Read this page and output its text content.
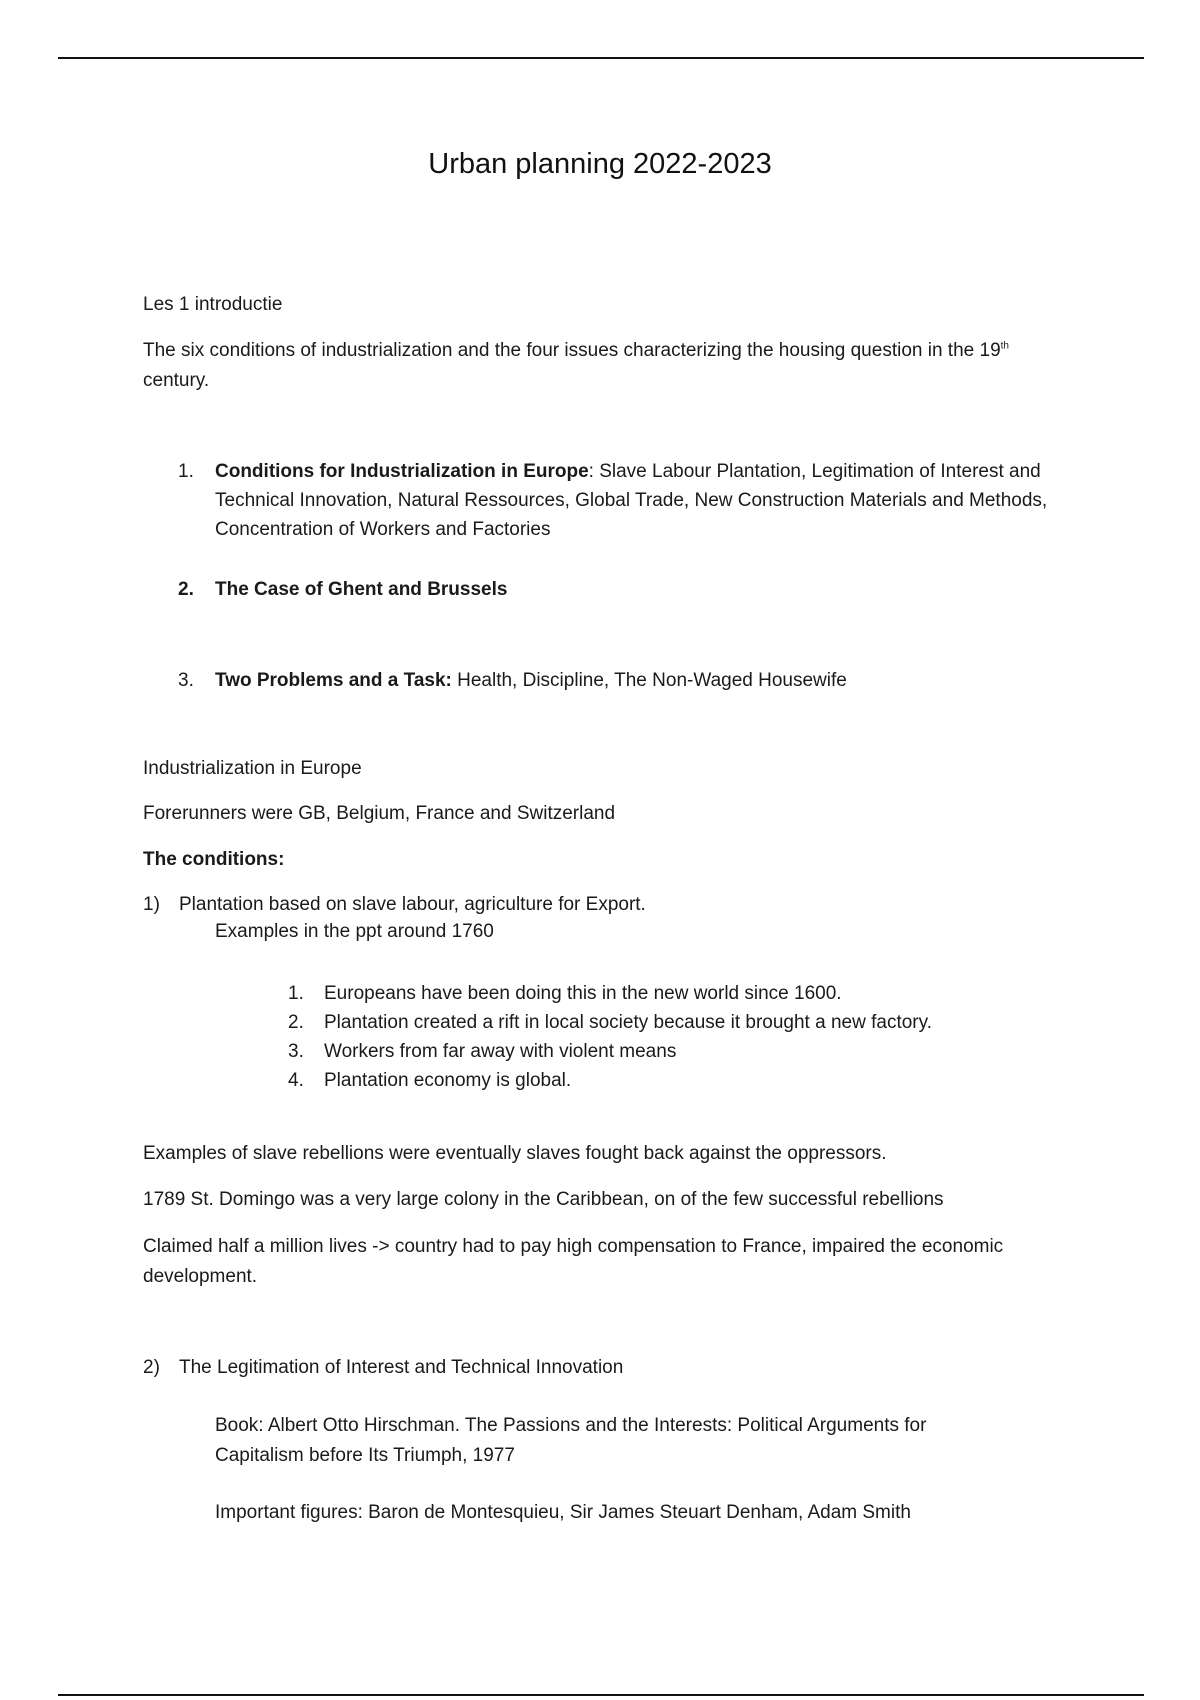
Urban planning 2022-2023
Les 1 introductie
The six conditions of industrialization and the four issues characterizing the housing question in the 19th century.
1.	Conditions for Industrialization in Europe: Slave Labour Plantation, Legitimation of Interest and Technical Innovation, Natural Ressources, Global Trade, New Construction Materials and Methods, Concentration of Workers and Factories
2.	The Case of Ghent and Brussels
3.	Two Problems and a Task: Health, Discipline, The Non-Waged Housewife
Industrialization in Europe
Forerunners were GB, Belgium, France and Switzerland
The conditions:
1) Plantation based on slave labour, agriculture for Export.
Examples in the ppt around 1760
1. Europeans have been doing this in the new world since 1600.
2. Plantation created a rift in local society because it brought a new factory.
3. Workers from far away with violent means
4. Plantation economy is global.
Examples of slave rebellions were eventually slaves fought back against the oppressors.
1789 St. Domingo was a very large colony in the Caribbean, on of the few successful rebellions
Claimed half a million lives -> country had to pay high compensation to France, impaired the economic development.
2) The Legitimation of Interest and Technical Innovation
Book: Albert Otto Hirschman. The Passions and the Interests: Political Arguments for Capitalism before Its Triumph, 1977
Important figures: Baron de Montesquieu, Sir James Steuart Denham, Adam Smith
